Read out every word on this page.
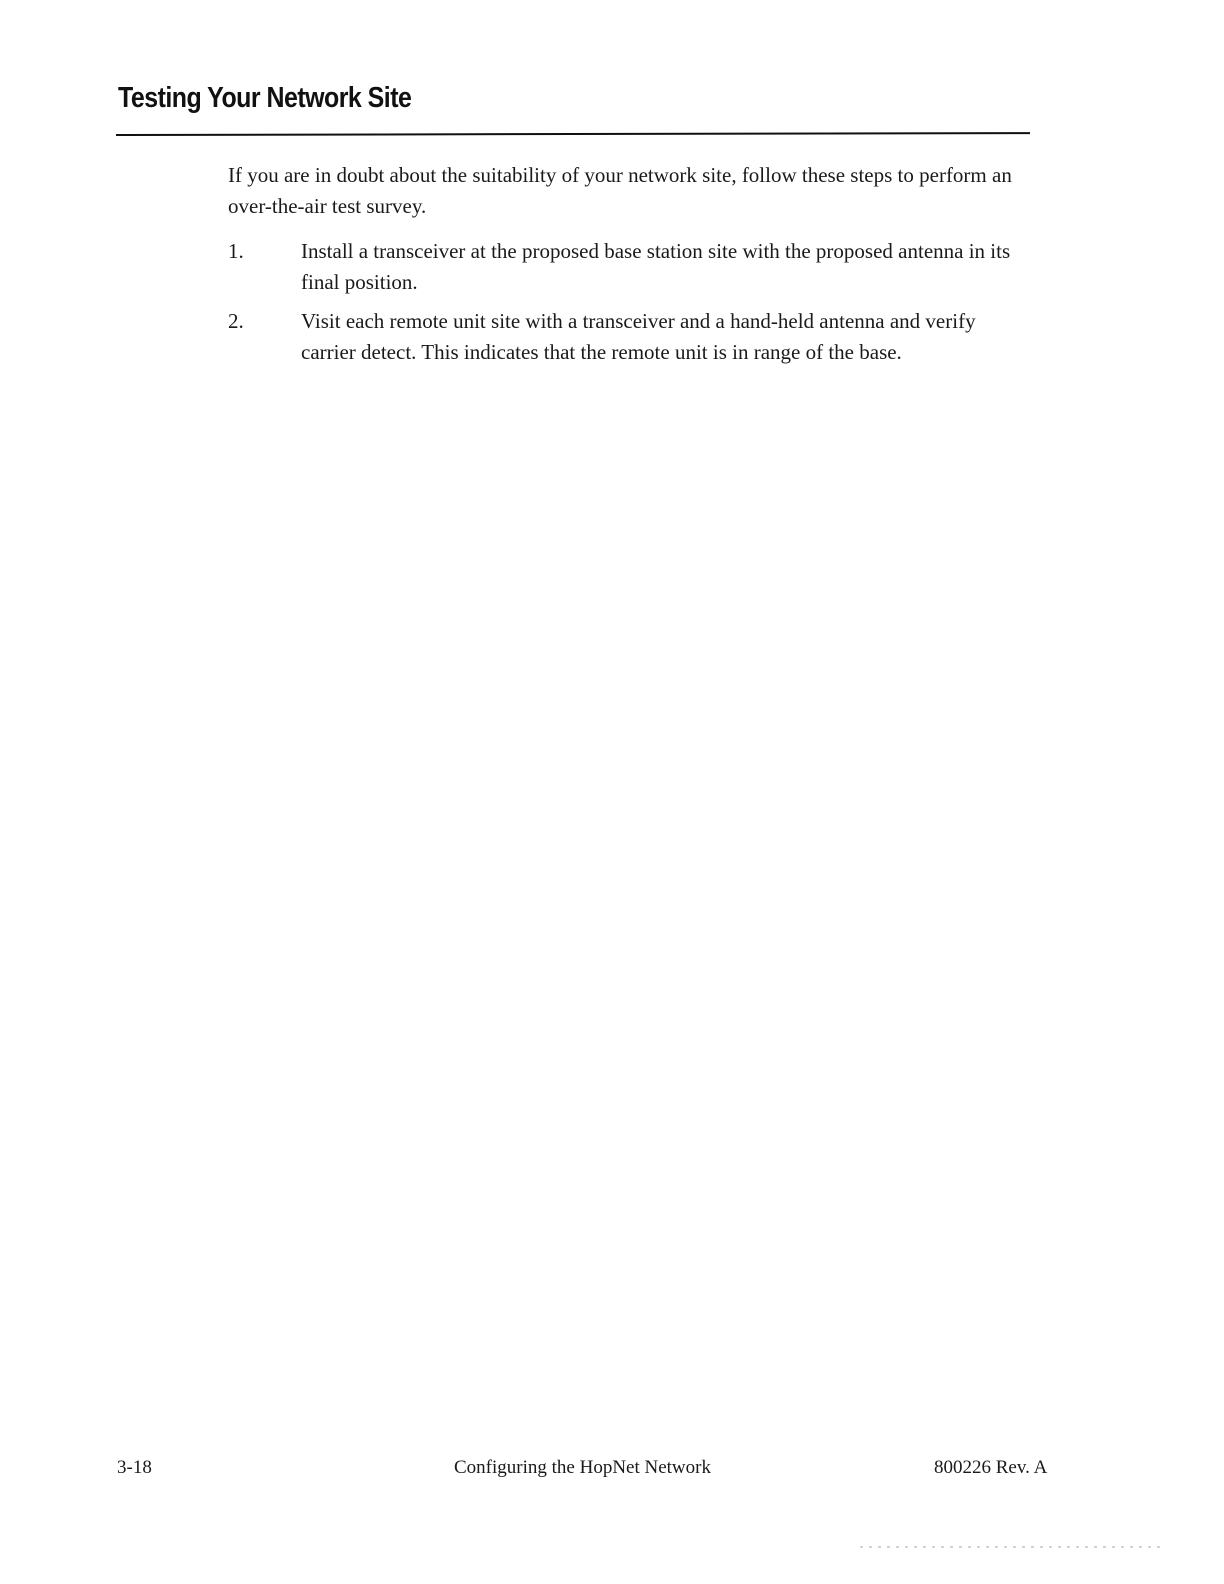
Testing Your Network Site

If you are in doubt about the suitability of your network site, follow these steps to perform an over-the-air test survey.

1.	Install a transceiver at the proposed base station site with the proposed antenna in its final position.
2.	Visit each remote unit site with a transceiver and a hand-held antenna and verify carrier detect. This indicates that the remote unit is in range of the base.
3-18	Configuring the HopNet Network	800226 Rev. A
